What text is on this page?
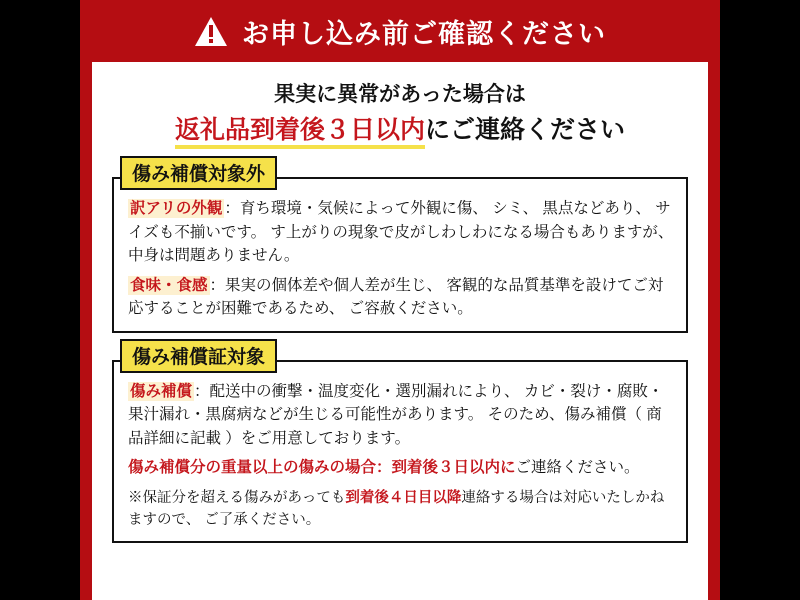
お申し込み前ご確認ください
果実に異常があった場合は
返礼品到着後３日以内にご連絡ください
傷み補償対象外

訳アリの外観 ：育ち環境・気候によって外観に傷、 シミ、 黒点などあり、 サイズも不揃いです。 す上がりの現象で皮がしわしわになる場合もありますが、 中身は問題ありません。

食味・食感 ：果実の個体差や個人差が生じ、 客観的な品質基準を設けてご対応することが困難であるため、 ご容赦ください。

傷み補償証対象

傷み補償 ：配送中の衝撃・温度変化・選別漏れにより、 カビ・裂け・腐敗・果汁漏れ・黒腐病などが生じる可能性があります。 そのため、傷み補償（ 商品詳細に記載 ）をご用意しております。

傷み補償分の重量以上の傷みの場合：到着後３日以内にご連絡ください。

※保証分を超える傷みがあっても到着後４日目以降連絡する場合は対応いたしかねますので、 ご了承ください。
